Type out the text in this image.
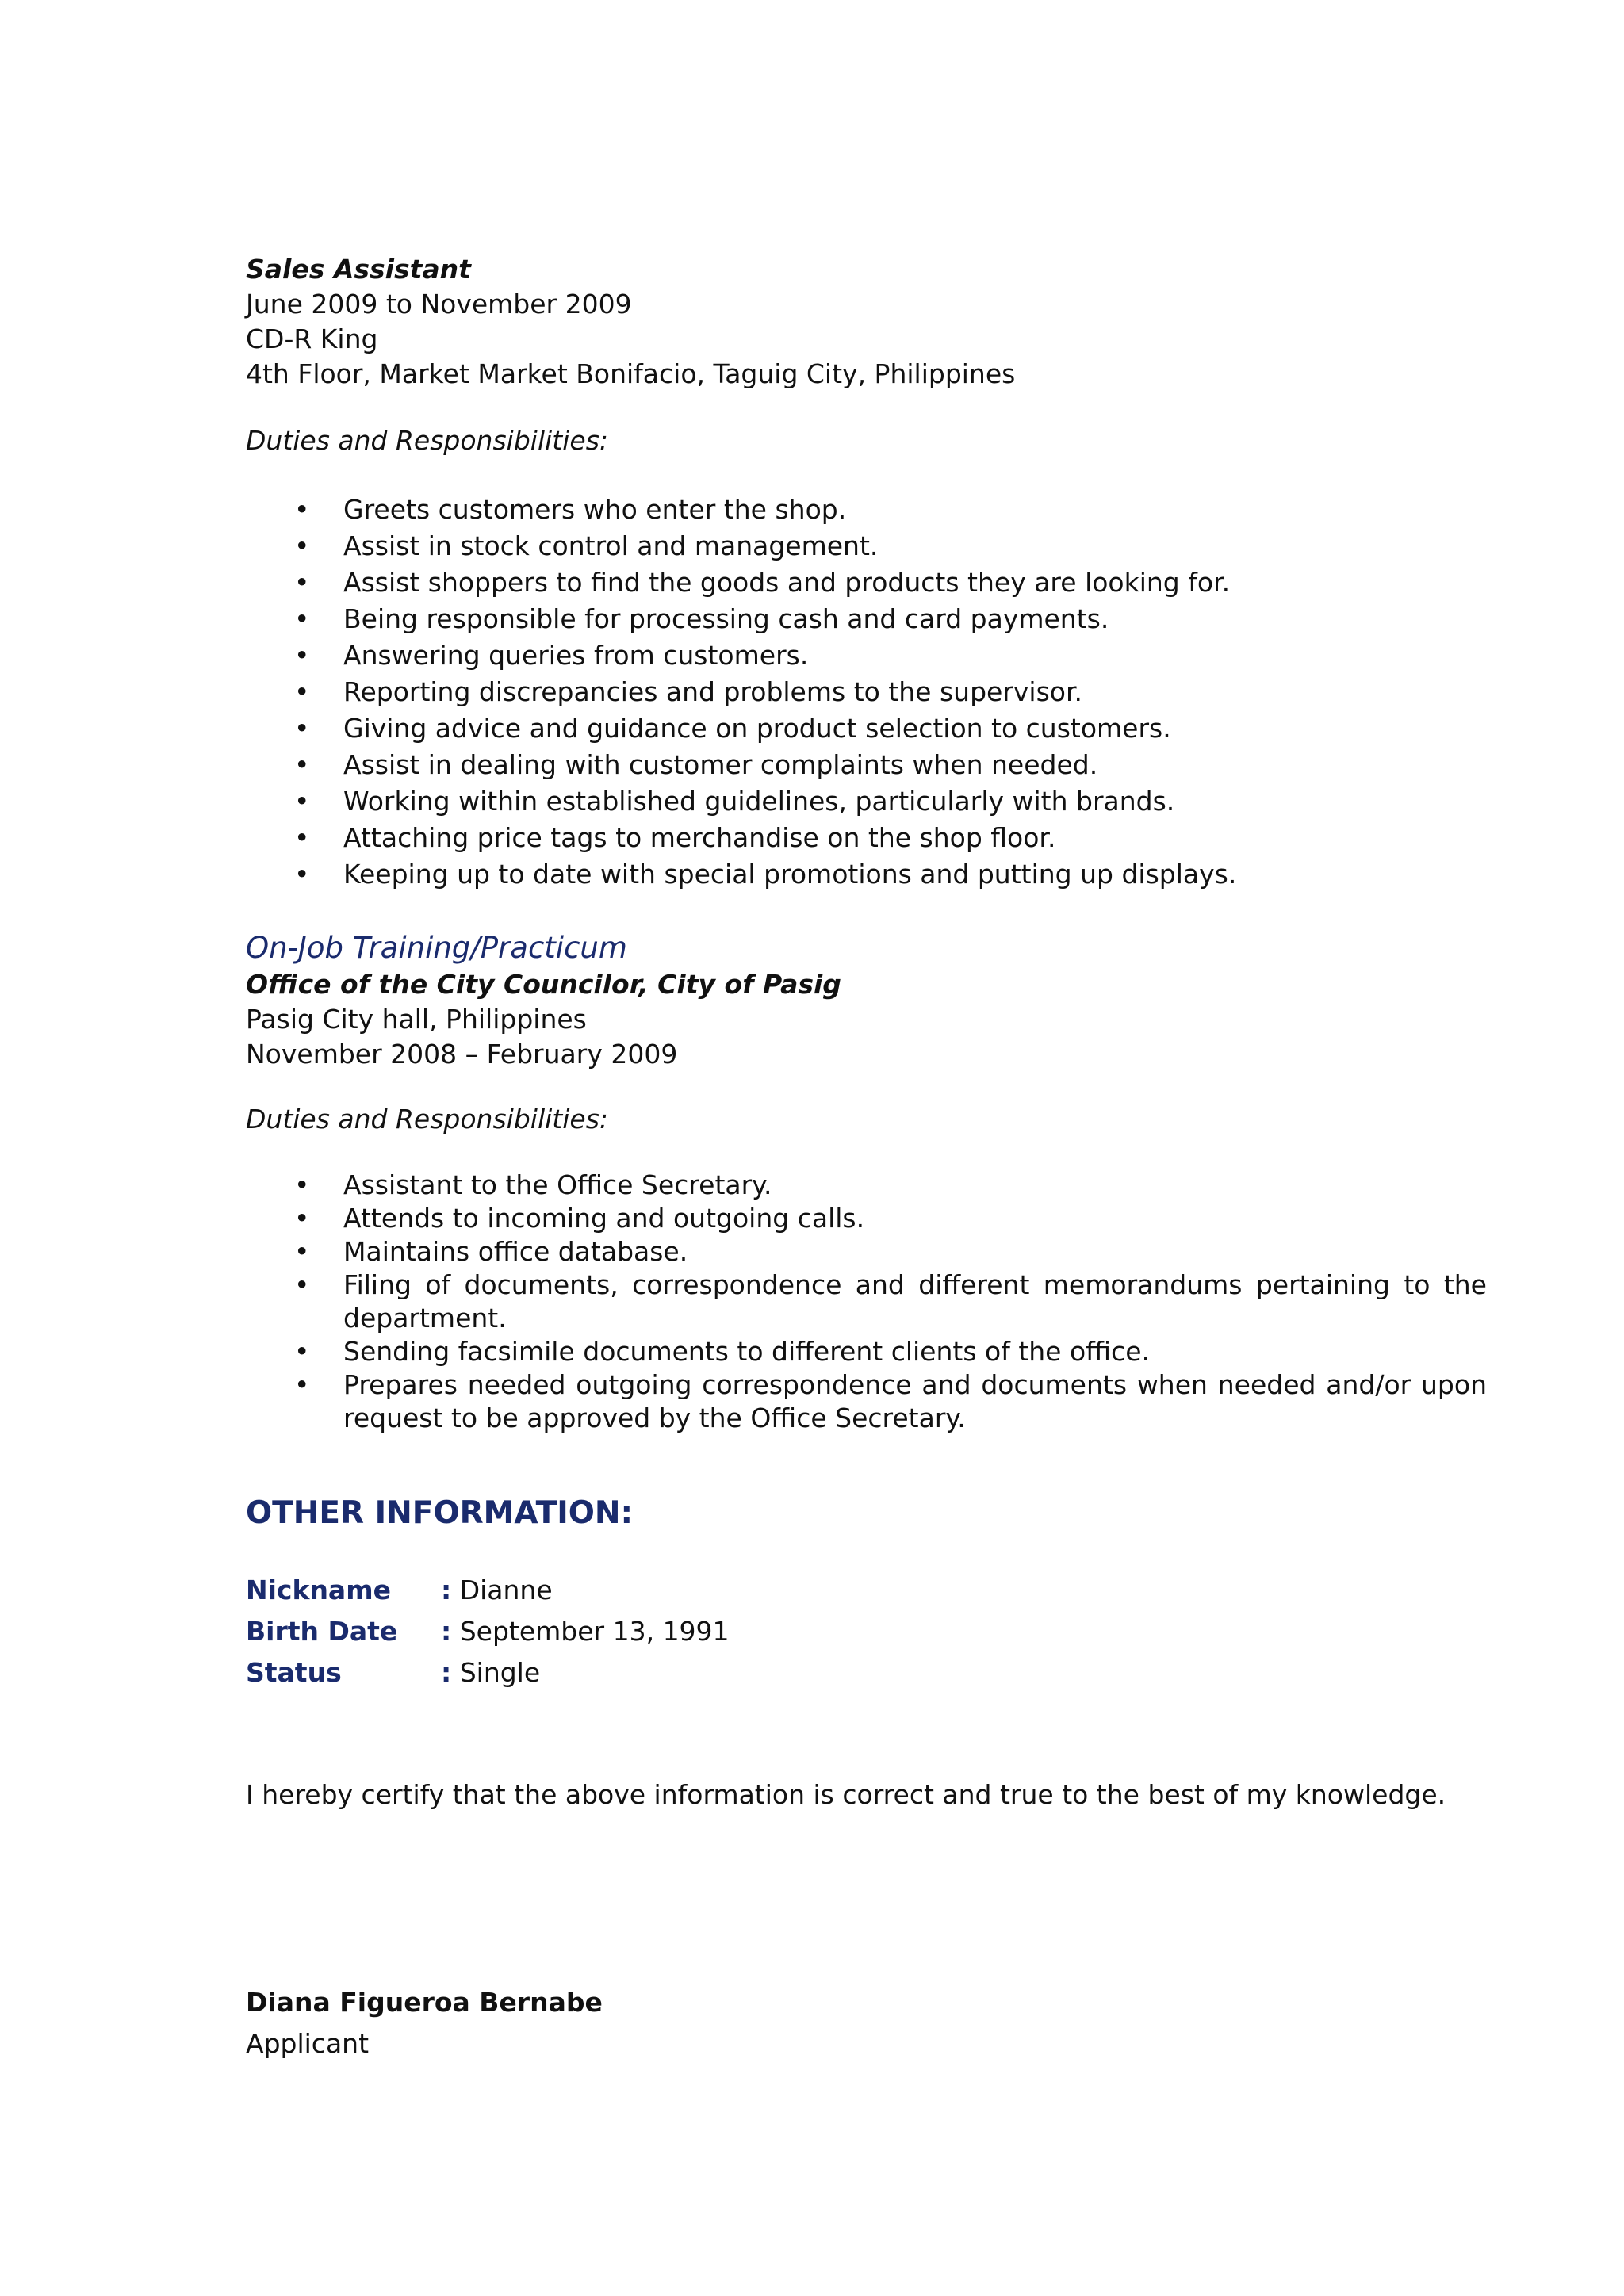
Sales Assistant
June 2009 to November 2009
CD-R King
4th Floor, Market Market Bonifacio, Taguig City, Philippines
Duties and Responsibilities:
• Greets customers who enter the shop.
• Assist in stock control and management.
• Assist shoppers to find the goods and products they are looking for.
• Being responsible for processing cash and card payments.
• Answering queries from customers.
• Reporting discrepancies and problems to the supervisor.
• Giving advice and guidance on product selection to customers.
• Assist in dealing with customer complaints when needed.
• Working within established guidelines, particularly with brands.
• Attaching price tags to merchandise on the shop floor.
• Keeping up to date with special promotions and putting up displays.
On-Job Training/Practicum
Office of the City Councilor, City of Pasig
Pasig City hall, Philippines
November 2008 – February 2009
Duties and Responsibilities:
• Assistant to the Office Secretary.
• Attends to incoming and outgoing calls.
• Maintains office database.
• Filing of documents, correspondence and different memorandums pertaining to the department.
• Sending facsimile documents to different clients of the office.
• Prepares needed outgoing correspondence and documents when needed and/or upon request to be approved by the Office Secretary.
OTHER INFORMATION:
Nickname : Dianne
Birth Date : September 13, 1991
Status	: Single
I hereby certify that the above information is correct and true to the best of my knowledge.
Diana Figueroa Bernabe
Applicant
